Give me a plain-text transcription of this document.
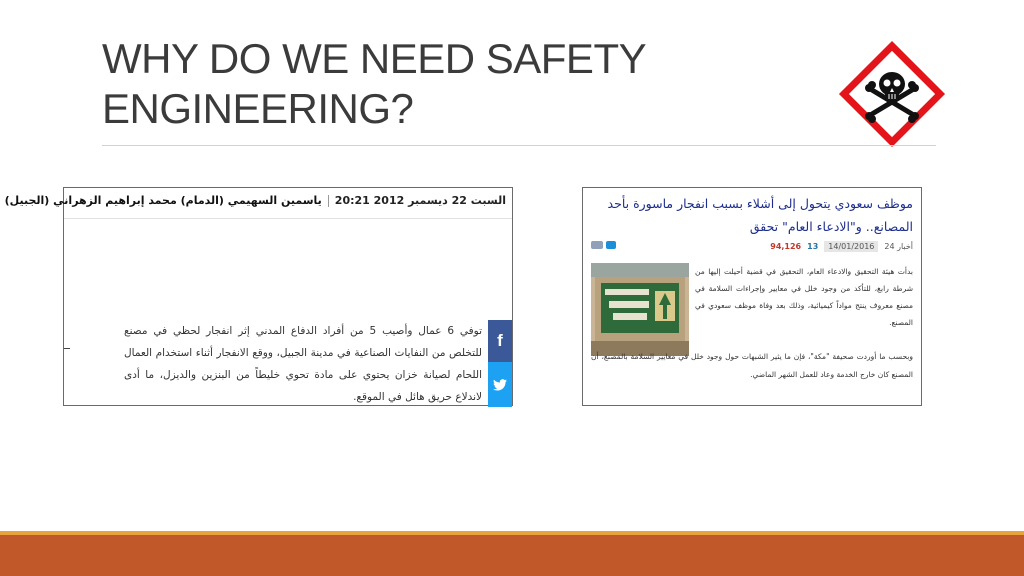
WHY DO WE NEED SAFETY ENGINEERING?
السبت 22 ديسمبر 2012 20:21ياسمين السهيمي (الدمام) محمد إبراهيم الزهراني (الجبيل)
توفي 6 عمال وأصيب 5 من أفراد الدفاع المدني إثر انفجار لحظي في مصنع للتخلص من النفايات الصناعية في مدينة الجبيل، ووقع الانفجار أثناء استخدام العمال اللحام لصيانة خزان يحتوي على مادة تحوي خليطاً من البنزين والديزل، ما أدى لاندلاع حريق هائل في الموقع.
f
موظف سعودي يتحول إلى أشلاء بسبب انفجار ماسورة بأحد المصانع.. و"الادعاء العام" تحقق
94,126 13	14/01/2016	أخبار 24
بدأت هيئة التحقيق والادعاء العام، التحقيق في قضية أحيلت إليها من شرطة رابغ، للتأكد من وجود خلل في معايير وإجراءات السلامة في مصنع معروف ينتج مواداً كيميائية، وذلك بعد وفاة موظف سعودي في المصنع.
وبحسب ما أوردت صحيفة "مكة"، فإن ما يثير الشبهات حول وجود خلل في معايير السلامة بالمصنع، أن المصنع كان خارج الخدمة وعاد للعمل الشهر الماضي.
